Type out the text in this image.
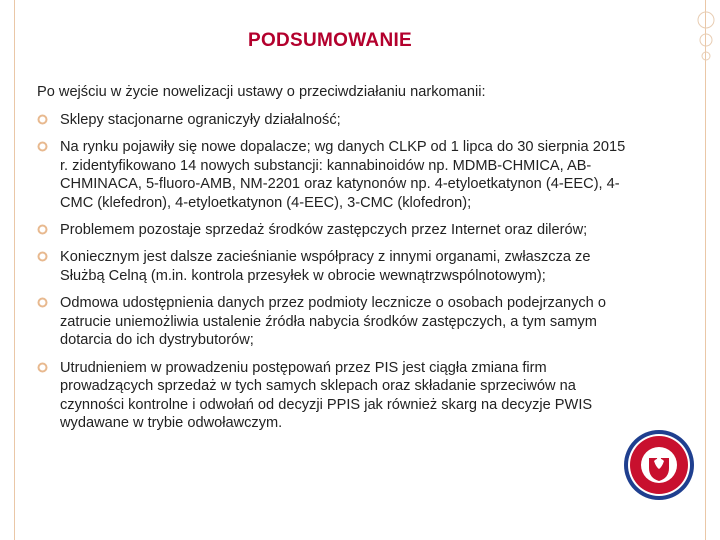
PODSUMOWANIE
Po wejściu w życie nowelizacji ustawy o przeciwdziałaniu narkomanii:
Sklepy stacjonarne ograniczyły działalność;
Na rynku pojawiły się nowe dopalacze; wg danych CLKP od 1 lipca do 30 sierpnia 2015 r. zidentyfikowano 14 nowych substancji: kannabinoidów np. MDMB-CHMICA, AB-CHMINACA, 5-fluoro-AMB, NM-2201 oraz katynonów np. 4-etyloetkatynon (4-EEC), 4-CMC (klefedron), 4-etyloetkatynon (4-EEC), 3-CMC (klofedron);
Problemem pozostaje sprzedaż środków zastępczych przez Internet oraz dilerów;
Koniecznym jest dalsze zacieśnianie współpracy z innymi organami, zwłaszcza ze Służbą Celną (m.in. kontrola przesyłek w obrocie wewnątrzwspólnotowym);
Odmowa udostępnienia danych przez podmioty lecznicze o osobach podejrzanych o zatrucie uniemożliwia ustalenie źródła nabycia środków zastępczych, a tym samym dotarcia do ich dystrybutorów;
Utrudnieniem w prowadzeniu postępowań przez PIS jest ciągła zmiana firm prowadzących sprzedaż w tych samych sklepach oraz składanie sprzeciwów na czynności kontrolne i odwołań od decyzji PPIS jak również skarg na decyzje PWIS wydawane w trybie odwoławczym.
